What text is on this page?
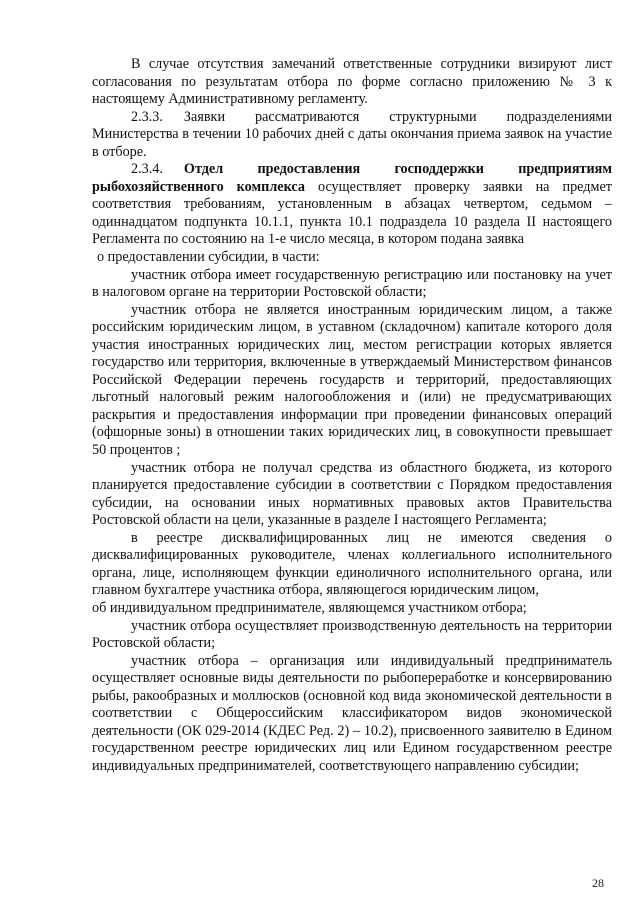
В случае отсутствия замечаний ответственные сотрудники визируют лист согласования по результатам отбора по форме согласно приложению № 3 к настоящему Административному регламенту.

2.3.3. Заявки рассматриваются структурными подразделениями Министерства в течении 10 рабочих дней с даты окончания приема заявок на участие в отборе.

2.3.4. Отдел предоставления господдержки предприятиям рыбохозяйственного комплекса осуществляет проверку заявки на предмет соответствия требованиям, установленным в абзацах четвертом, седьмом – одиннадцатом подпункта 10.1.1, пункта 10.1 подраздела 10 раздела II настоящего Регламента по состоянию на 1-е число месяца, в котором подана заявка

о предоставлении субсидии, в части:

участник отбора имеет государственную регистрацию или постановку на учет в налоговом органе на территории Ростовской области;

участник отбора не является иностранным юридическим лицом, а также российским юридическим лицом, в уставном (складочном) капитале которого доля участия иностранных юридических лиц, местом регистрации которых является государство или территория, включенные в утверждаемый Министерством финансов Российской Федерации перечень государств и территорий, предоставляющих льготный налоговый режим налогообложения и (или) не предусматривающих раскрытия и предоставления информации при проведении финансовых операций (офшорные зоны) в отношении таких юридических лиц, в совокупности превышает 50 процентов ;

участник отбора не получал средства из областного бюджета, из которого планируется предоставление субсидии в соответствии с Порядком предоставления субсидии, на основании иных нормативных правовых актов Правительства Ростовской области на цели, указанные в разделе I настоящего Регламента;

в реестре дисквалифицированных лиц не имеются сведения о дисквалифицированных руководителе, членах коллегиального исполнительного органа, лице, исполняющем функции единоличного исполнительного органа, или главном бухгалтере участника отбора, являющегося юридическим лицом,

об индивидуальном предпринимателе, являющемся участником отбора;

участник отбора осуществляет производственную деятельность на территории Ростовской области;

участник отбора – организация или индивидуальный предприниматель осуществляет основные виды деятельности по рыбопереработке и консервированию рыбы, ракообразных и моллюсков (основной код вида экономической деятельности в соответствии с Общероссийским классификатором видов экономической деятельности (ОК 029-2014 (КДЕС Ред. 2) – 10.2), присвоенного заявителю в Едином государственном реестре юридических лиц или Едином государственном реестре индивидуальных предпринимателей, соответствующего направлению субсидии;

28
